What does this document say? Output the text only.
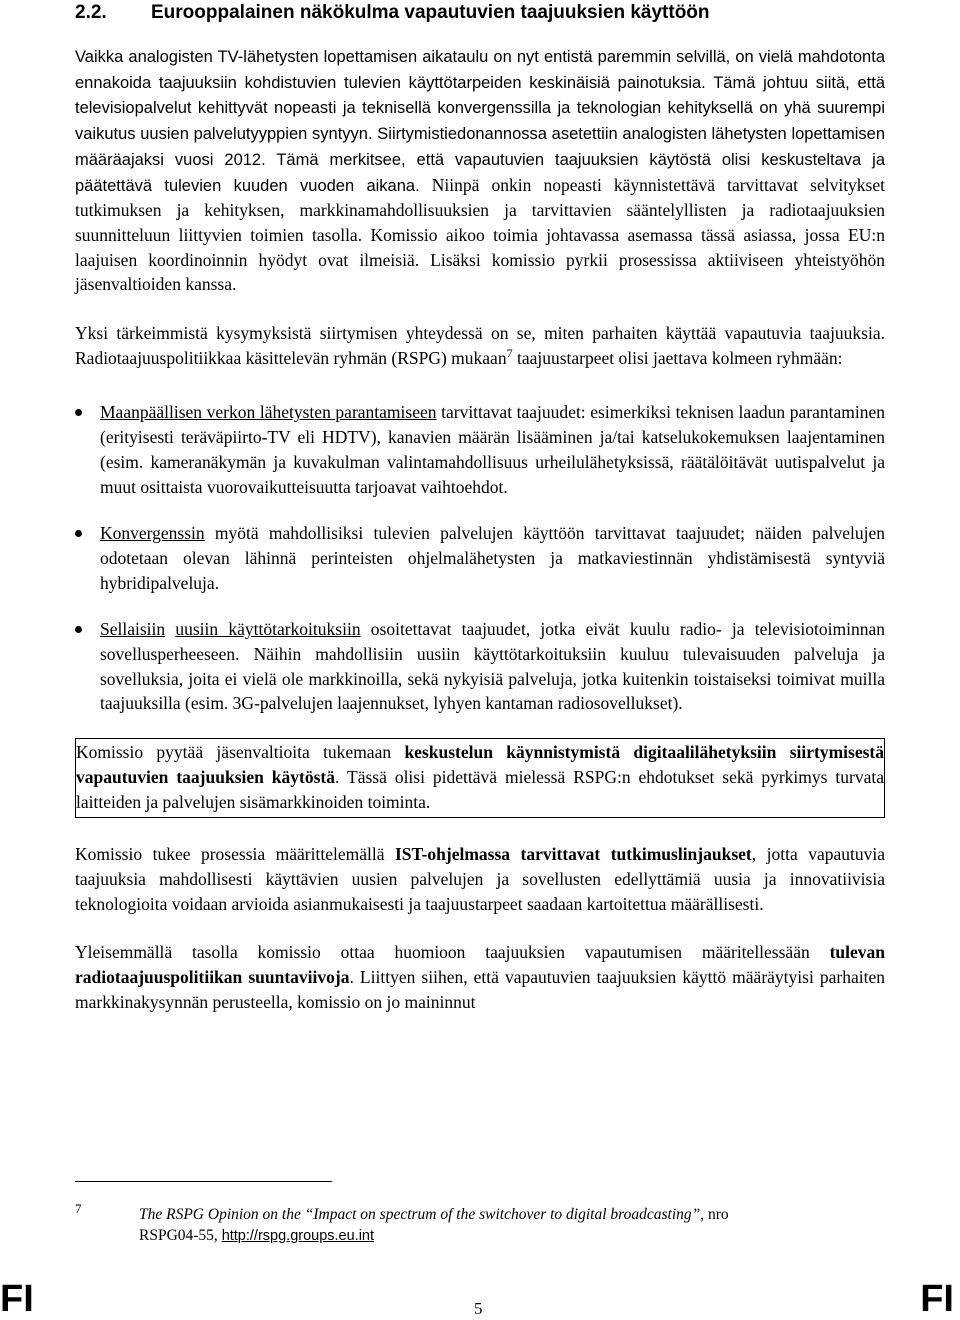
2.2. Eurooppalainen näkökulma vapautuvien taajuuksien käyttöön

Vaikka analogisten TV-lähetysten lopettamisen aikataulu on nyt entistä paremmin selvillä, on vielä mahdotonta ennakoida taajuuksiin kohdistuvien tulevien käyttötarpeiden keskinäisiä painotuksia. Tämä johtuu siitä, että televisiopalvelut kehittyvät nopeasti ja teknisellä konvergenssilla ja teknologian kehityksellä on yhä suurempi vaikutus uusien palvelutyyppien syntyyn. Siirtymistiedonannossa asetettiin analogisten lähetysten lopettamisen määräajaksi vuosi 2012. Tämä merkitsee, että vapautuvien taajuuksien käytöstä olisi keskusteltava ja päätettävä tulevien kuuden vuoden aikana. Niinpä onkin nopeasti käynnistettävä tarvittavat selvitykset tutkimuksen ja kehityksen, markkinamahdollisuuksien ja tarvittavien sääntelyllisten ja radiotaajuuksien suunnitteluun liittyvien toimien tasolla. Komissio aikoo toimia johtavassa asemassa tässä asiassa, jossa EU:n laajuisen koordinoinnin hyödyt ovat ilmeisiä. Lisäksi komissio pyrkii prosessissa aktiiviseen yhteistyöhön jäsenvaltioiden kanssa.

Yksi tärkeimmistä kysymyksistä siirtymisen yhteydessä on se, miten parhaiten käyttää vapautuvia taajuuksia. Radiotaajuuspolitiikkaa käsittelevän ryhmän (RSPG) mukaan$^7$ taajuustarpeet olisi jaettava kolmeen ryhmään:

Maanpäällisen verkon lähetysten parantamiseen tarvittavat taajuudet: esimerkiksi teknisen laadun parantaminen (erityisesti teräväpiirto-TV eli HDTV), kanavien määrän lisääminen ja/tai katselukokemuksen laajentaminen (esim. kameranäkymän ja kuvakulman valintamahdollisuus urheilulähetyksissä, räätälöitävät uutispalvelut ja muut osittaista vuorovaikutteisuutta tarjoavat vaihtoehdot.

Konvergenssin myötä mahdollisiksi tulevien palvelujen käyttöön tarvittavat taajuudet; näiden palvelujen odotetaan olevan lähinnä perinteisten ohjelmalähetysten ja matkaviestinnän yhdistämisestä syntyviä hybridipalveluja.

Sellaisiin uusiin käyttötarkoituksiin osoitettavat taajuudet, jotka eivät kuulu radio- ja televisiotoiminnan sovellusperheeseen. Näihin mahdollisiin uusiin käyttötarkoituksiin kuuluu tulevaisuuden palveluja ja sovelluksia, joita ei vielä ole markkinoilla, sekä nykyisiä palveluja, jotka kuitenkin toistaiseksi toimivat muilla taajuuksilla (esim. 3G-palvelujen laajennukset, lyhyen kantaman radiosovellukset).

Komissio pyytää jäsenvaltioita tukemaan keskustelun käynnistymistä digitaalilähetyksiin siirtymisestä vapautuvien taajuuksien käytöstä. Tässä olisi pidettävä mielessä RSPG:n ehdotukset sekä pyrkimys turvata laitteiden ja palvelujen sisämarkkinoiden toiminta.

Komissio tukee prosessia määrittelemällä IST-ohjelmassa tarvittavat tutkimuslinjaukset, jotta vapautuvia taajuuksia mahdollisesti käyttävien uusien palvelujen ja sovellusten edellyttämiä uusia ja innovatiivisia teknologioita voidaan arvioida asianmukaisesti ja taajuustarpeet saadaan kartoitettua määrällisesti.

Yleisemmällä tasolla komissio ottaa huomioon taajuuksien vapautumisen määritellessään tulevan radiotaajuuspolitiikan suuntaviivoja. Liittyen siihen, että vapautuvien taajuuksien käyttö määräytyisi parhaiten markkinakysynnän perusteella, komissio on jo maininnut

7	The RSPG Opinion on the “Impact on spectrum of the switchover to digital broadcasting”, nro
RSPG04-55, http://rspg.groups.eu.int
FI	5	FI
